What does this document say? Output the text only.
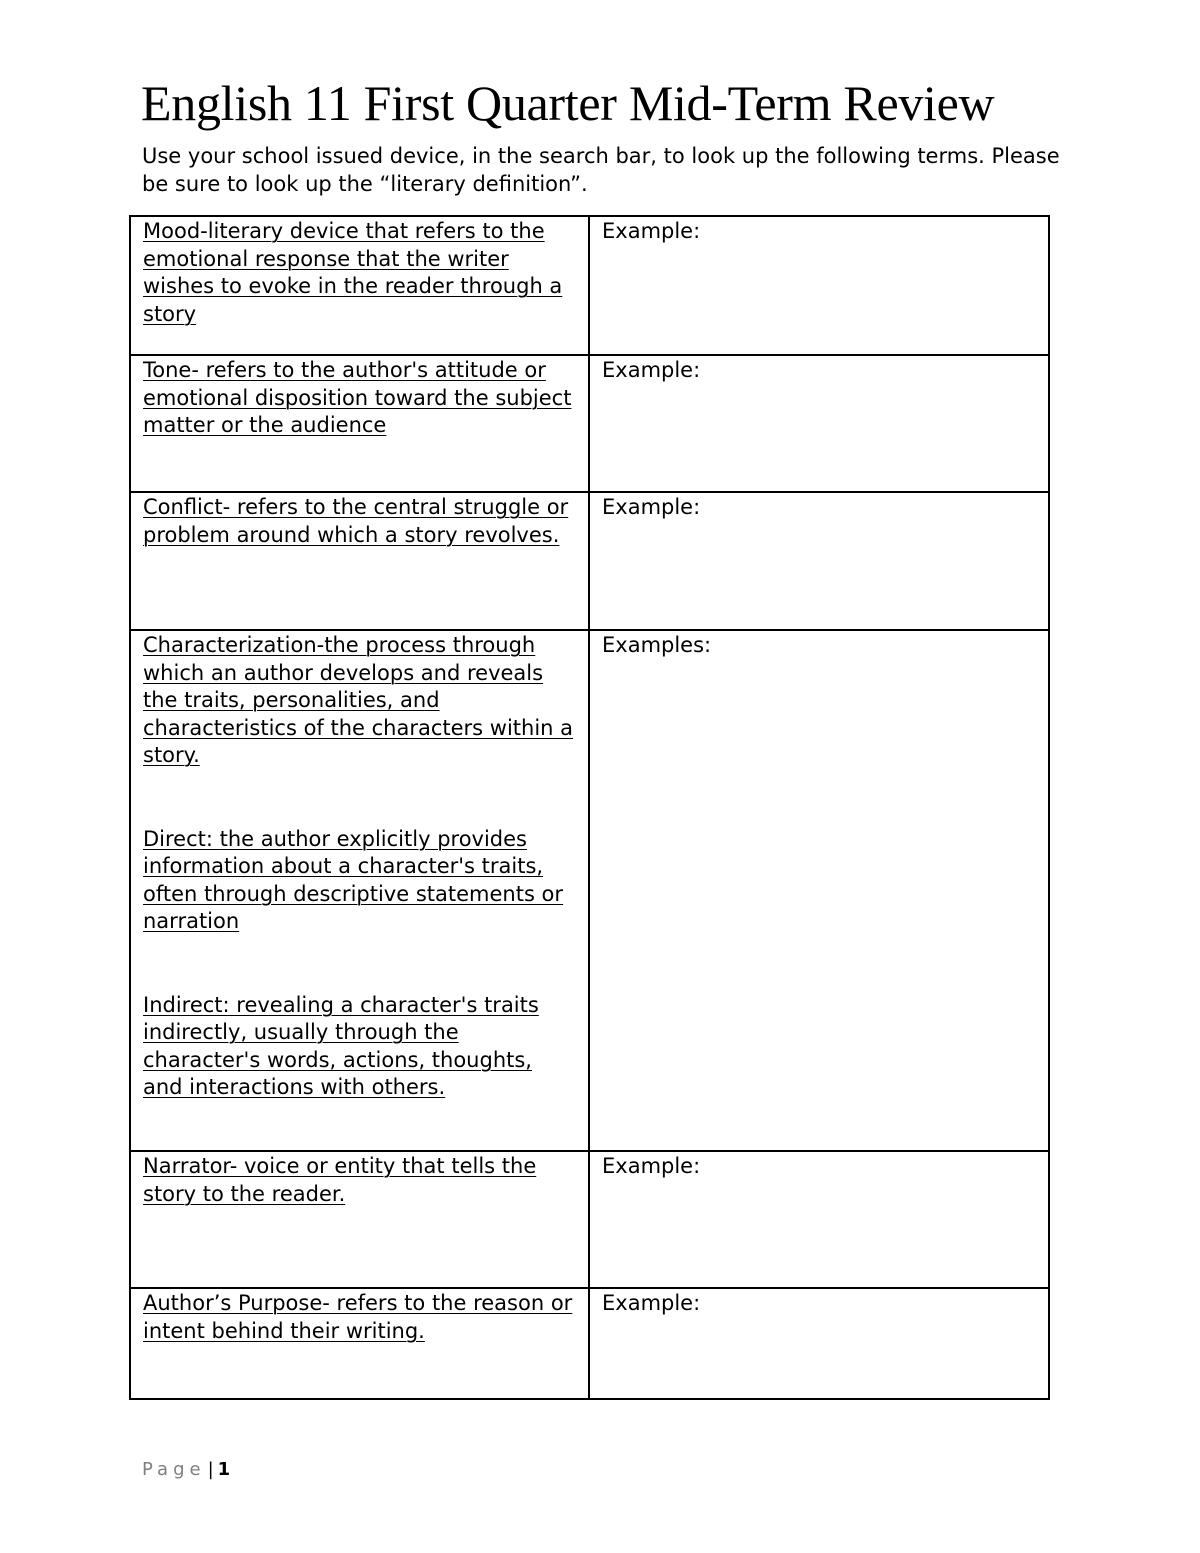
English 11 First Quarter Mid-Term Review
Use your school issued device, in the search bar, to look up the following terms. Please be sure to look up the “literary definition”.
Mood-literary device that refers to the emotional response that the writer wishes to evoke in the reader through a story	Example:
Tone- refers to the author's attitude or emotional disposition toward the subject matter or the audience	Example:
Conflict- refers to the central struggle or problem around which a story revolves.	Example:

Characterization-the process through which an author develops and reveals the traits, personalities, and characteristics of the characters within a story.
Direct: the author explicitly provides information about a character's traits, often through descriptive statements or narration
Indirect: revealing a character's traits indirectly, usually through the character's words, actions, thoughts, and interactions with others.	Examples:
Narrator- voice or entity that tells the story to the reader.	Example:
Author’s Purpose- refers to the reason or intent behind their writing.	Example:
Page | 1
